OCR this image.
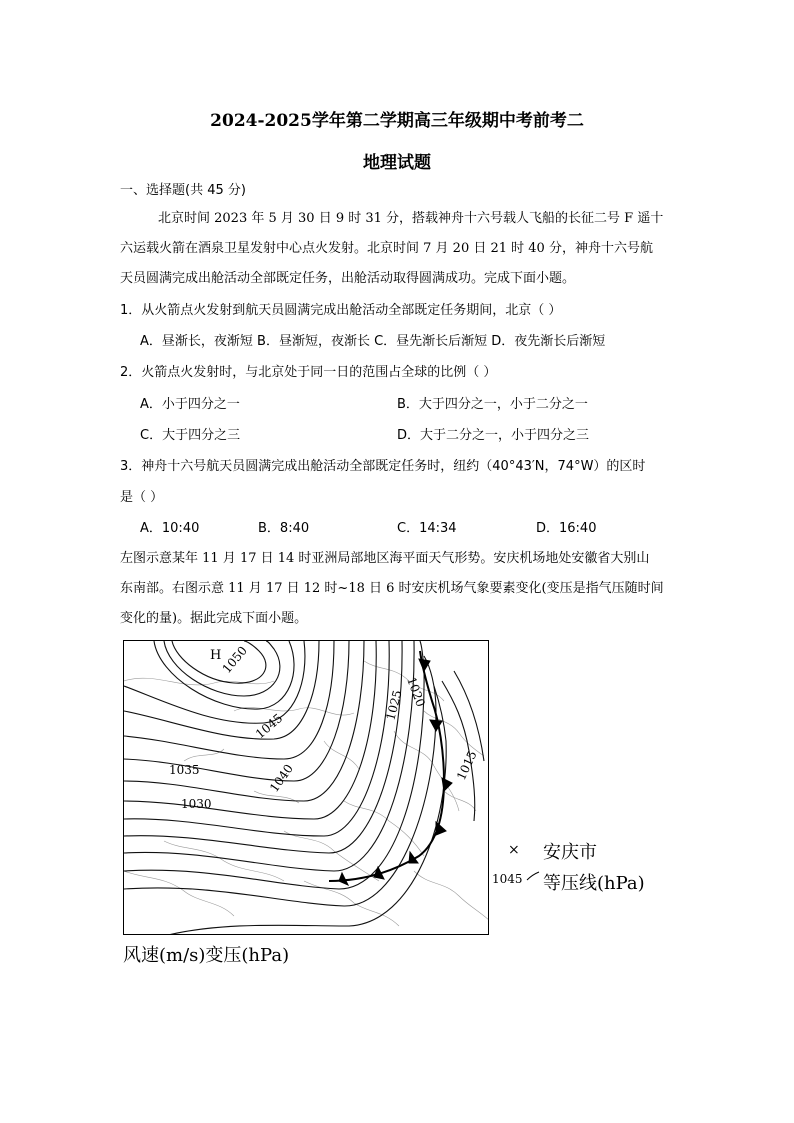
2024-2025学年第二学期高三年级期中考前考二
地理试题
一、选择题(共 45 分)
北京时间 2023 年 5 月 30 日 9 时 31 分，搭载神舟十六号载人飞船的长征二号 F 遥十
六运载火箭在酒泉卫星发射中心点火发射。北京时间 7 月 20 日 21 时 40 分，神舟十六号航
天员圆满完成出舱活动全部既定任务，出舱活动取得圆满成功。完成下面小题。
1．从火箭点火发射到航天员圆满完成出舱活动全部既定任务期间，北京（ ）
A．昼渐长，夜渐短 B．昼渐短，夜渐长 C．昼先渐长后渐短 D．夜先渐长后渐短
2．火箭点火发射时，与北京处于同一日的范围占全球的比例（ ）
A．小于四分之一	B．大于四分之一，小于二分之一
C．大于四分之三	D．大于二分之一，小于四分之三
3．神舟十六号航天员圆满完成出舱活动全部既定任务时，纽约（40°43′N，74°W）的区时
是（ ）
A．10:40	B．8:40	C．14:34	D．16:40
左图示意某年 11 月 17 日 14 时亚洲局部地区海平面天气形势。安庆机场地处安徽省大别山
东南部。右图示意 11 月 17 日 12 时~18 日 6 时安庆机场气象要素变化(变压是指气压随时间
变化的量)。据此完成下面小题。
H
1050
1045
1040
1035
1030
1025 1020
1015
× 安庆市
1045 等压线(hPa)
风速(m/s)变压(hPa)
